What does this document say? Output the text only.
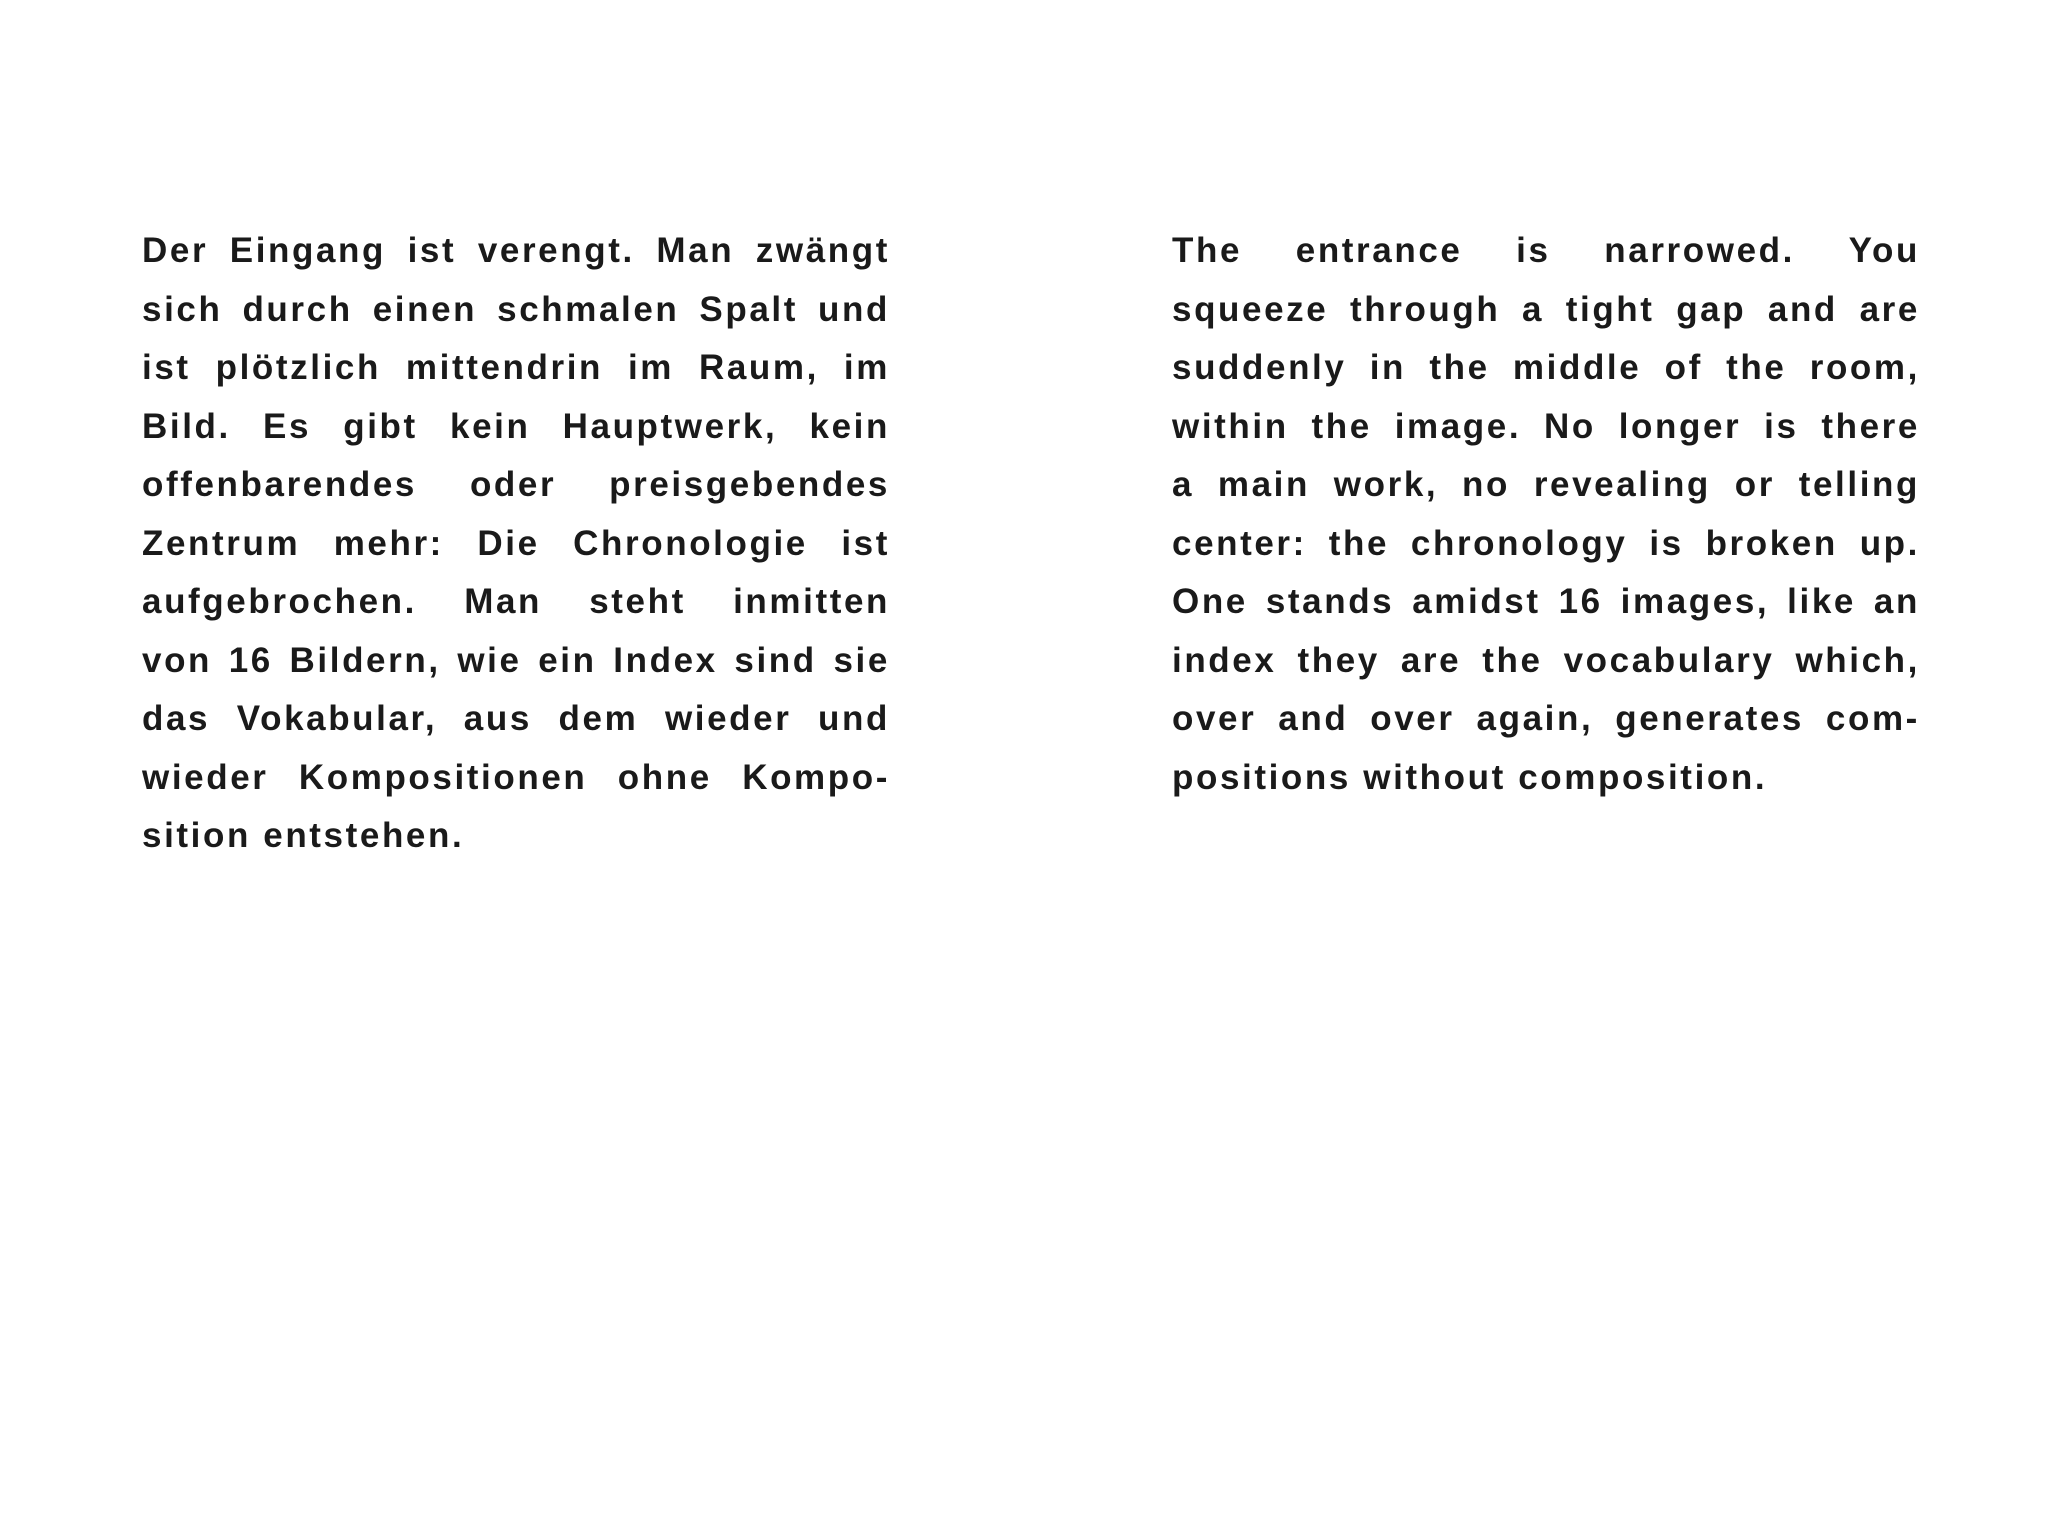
Der Eingang ist verengt. Man zwängt
sich durch einen schmalen Spalt und
ist plötzlich mittendrin im Raum, im
Bild. Es gibt kein Hauptwerk, kein
offenbarendes oder preisgebendes
Zentrum mehr: Die Chronologie ist
aufgebrochen. Man steht inmitten
von 16 Bildern, wie ein Index sind sie
das Vokabular, aus dem wieder und
wieder Kompositionen ohne Kompo-
sition entstehen.
The entrance is narrowed. You
squeeze through a tight gap and are
suddenly in the middle of the room,
within the image. No longer is there
a main work, no revealing or telling
center: the chronology is broken up.
One stands amidst 16 images, like an
index they are the vocabulary which,
over and over again, generates com-
positions without composition.
